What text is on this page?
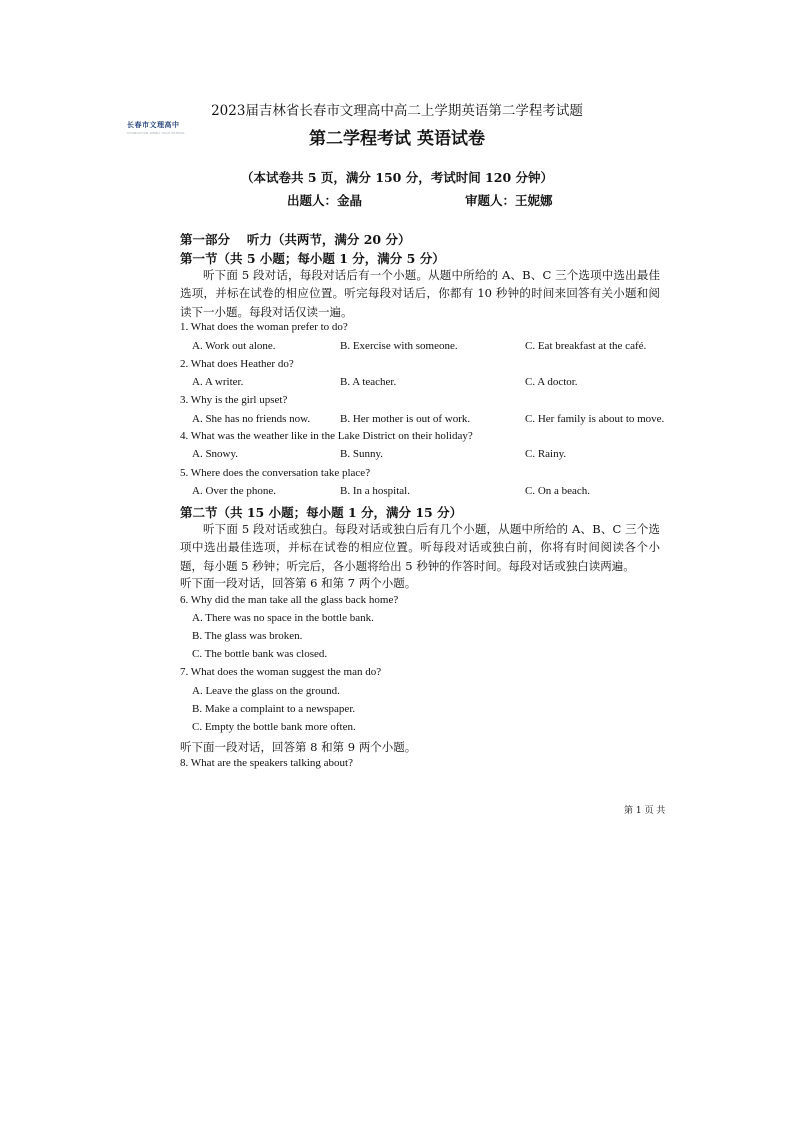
2023届吉林省长春市文理高中高二上学期英语第二学程考试题
长春市文理高中
CHANGCHUN WENLI HIGH SCHOOL	第二学程考试 英语试卷
（本试卷共 5 页，满分 150 分，考试时间 120 分钟）
出题人：金晶	审题人：王妮娜
第一部分　 听力（共两节，满分 20 分）
第一节（共 5 小题；每小题 1 分，满分 5 分）
听下面 5 段对话，每段对话后有一个小题。从题中所给的 A、B、C 三个选项中选出最佳选项，并标在试卷的相应位置。听完每段对话后，你都有 10 秒钟的时间来回答有关小题和阅读下一小题。每段对话仅读一遍。
1. What does the woman prefer to do?
A. Work out alone.	B. Exercise with someone.	C. Eat breakfast at the café.
2. What does Heather do?
A. A writer.	B. A teacher.	C. A doctor.
3. Why is the girl upset?
A. She has no friends now.	B. Her mother is out of work.	C. Her family is about to move.
4. What was the weather like in the Lake District on their holiday?
A. Snowy.	B. Sunny.	C. Rainy.
5. Where does the conversation take place?
A. Over the phone.	B. In a hospital.	C. On a beach.
第二节（共 15 小题；每小题 1 分，满分 15 分）
听下面 5 段对话或独白。每段对话或独白后有几个小题，从题中所给的 A、B、C 三个选项中选出最佳选项，并标在试卷的相应位置。听每段对话或独白前，你将有时间阅读各个小题，每小题 5 秒钟；听完后，各小题将给出 5 秒钟的作答时间。每段对话或独白读两遍。
听下面一段对话，回答第 6 和第 7 两个小题。
6. Why did the man take all the glass back home?
A. There was no space in the bottle bank.
B. The glass was broken.
C. The bottle bank was closed.
7. What does the woman suggest the man do?
A. Leave the glass on the ground.
B. Make a complaint to a newspaper.
C. Empty the bottle bank more often.
听下面一段对话，回答第 8 和第 9 两个小题。
8. What are the speakers talking about?
第 1 页 共
